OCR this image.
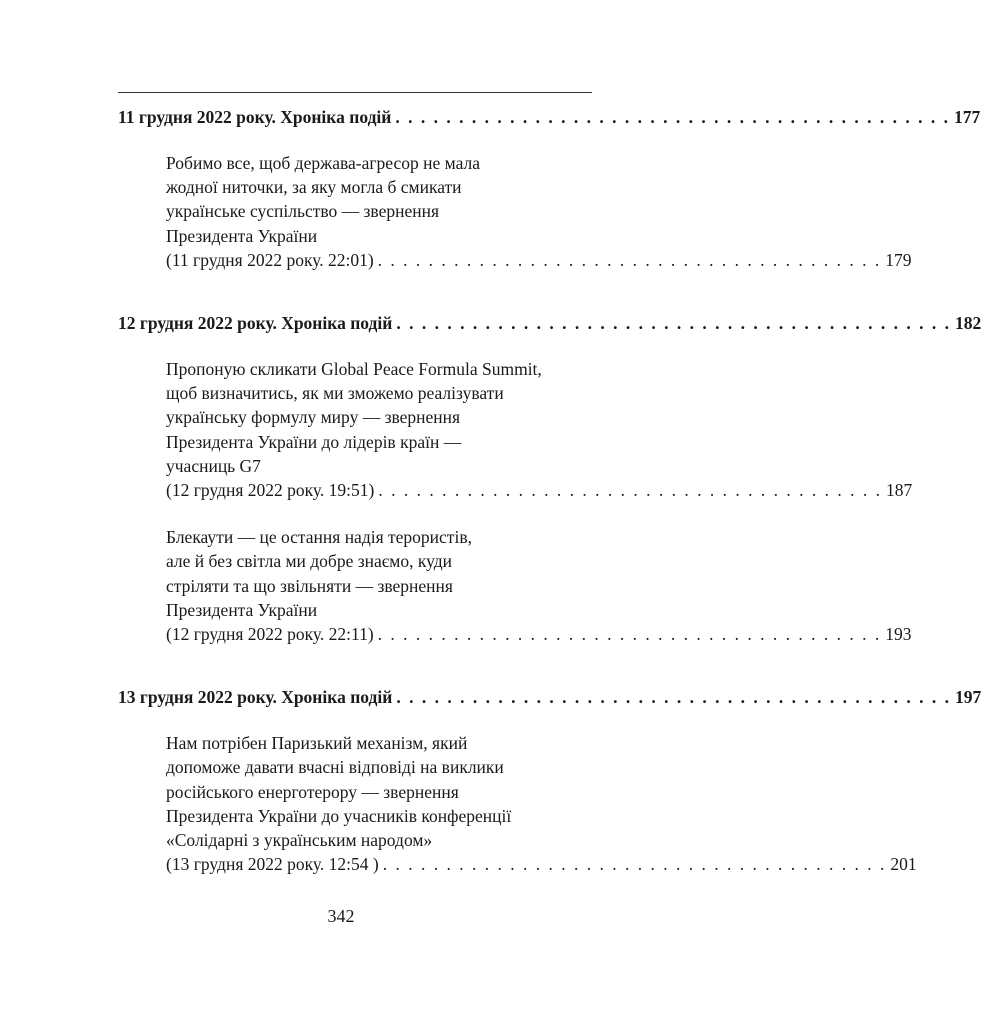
11 грудня 2022 року. Хроніка подій . . . . . . . . . . . . . . . . . . . . . . . . . . . . . . . . . . . . . . . . . . . . 177
Робимо все, щоб держава-агресор не мала
жодної ниточки, за яку могла б смикати
українське суспільство — звернення
Президента України
(11 грудня 2022 року. 22:01) . . . . . . . . . . . . . . . . . . . . . . . . . . . . . . . . . . . . . . . . 179
12 грудня 2022 року. Хроніка подій . . . . . . . . . . . . . . . . . . . . . . . . . . . . . . . . . . . . . . . . . . . . 182
Пропоную скликати Global Peace Formula Summit,
щоб визначитись, як ми зможемо реалізувати
українську формулу миру — звернення
Президента України до лідерів країн —
учасниць G7
(12 грудня 2022 року. 19:51) . . . . . . . . . . . . . . . . . . . . . . . . . . . . . . . . . . . . . . . . 187
Блекаути — це остання надія терористів,
але й без світла ми добре знаємо, куди
стріляти та що звільняти — звернення
Президента України
(12 грудня 2022 року. 22:11) . . . . . . . . . . . . . . . . . . . . . . . . . . . . . . . . . . . . . . . . 193
13 грудня 2022 року. Хроніка подій . . . . . . . . . . . . . . . . . . . . . . . . . . . . . . . . . . . . . . . . . . . . 197
Нам потрібен Паризький механізм, який
допоможе давати вчасні відповіді на виклики
російського енерготерору — звернення
Президента України до учасників конференції
«Солідарні з українським народом»
(13 грудня 2022 року. 12:54 ) . . . . . . . . . . . . . . . . . . . . . . . . . . . . . . . . . . . . . . . . 201
342
